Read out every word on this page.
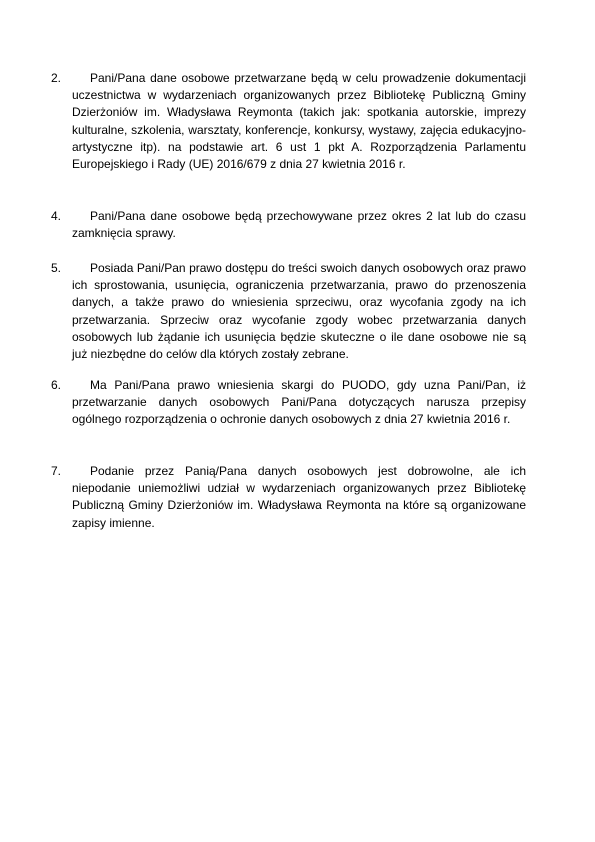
2.	Pani/Pana dane osobowe przetwarzane będą w celu prowadzenie dokumentacji uczestnictwa w wydarzeniach organizowanych przez Bibliotekę Publiczną Gminy Dzierżoniów im. Władysława Reymonta (takich jak: spotkania autorskie, imprezy kulturalne, szkolenia, warsztaty, konferencje, konkursy, wystawy, zajęcia edukacyjno-artystyczne itp). na podstawie art. 6 ust 1 pkt A. Rozporządzenia Parlamentu Europejskiego i Rady (UE) 2016/679 z dnia 27 kwietnia 2016 r.
4.	Pani/Pana dane osobowe będą przechowywane przez okres 2 lat lub do czasu zamknięcia sprawy.
5.	Posiada Pani/Pan prawo dostępu do treści swoich danych osobowych oraz prawo ich sprostowania, usunięcia, ograniczenia przetwarzania, prawo do przenoszenia danych, a także prawo do wniesienia sprzeciwu, oraz wycofania zgody na ich przetwarzania. Sprzeciw oraz wycofanie zgody wobec przetwarzania danych osobowych lub żądanie ich usunięcia będzie skuteczne o ile dane osobowe nie są już niezbędne do celów dla których zostały zebrane.
6.	Ma Pani/Pana prawo wniesienia skargi do PUODO, gdy uzna Pani/Pan, iż przetwarzanie danych osobowych Pani/Pana dotyczących narusza przepisy ogólnego rozporządzenia o ochronie danych osobowych z dnia 27 kwietnia 2016 r.
7.	Podanie przez Panią/Pana danych osobowych jest dobrowolne, ale ich niepodanie uniemożliwi udział w wydarzeniach organizowanych przez Bibliotekę Publiczną Gminy Dzierżoniów im. Władysława Reymonta na które są organizowane zapisy imienne.
